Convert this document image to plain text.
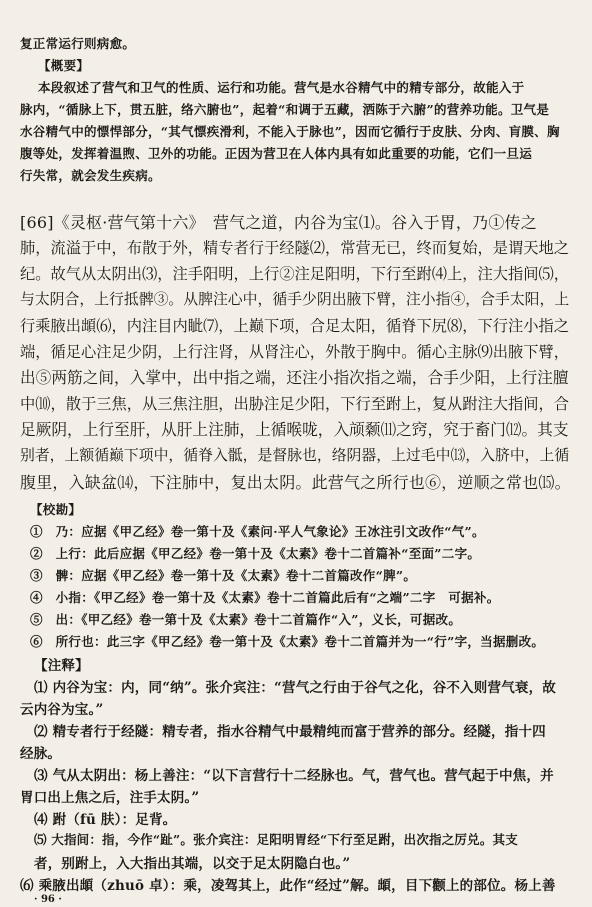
复正常运行则病愈。
【概要】
本段叙述了营气和卫气的性质、运行和功能。营气是水谷精气中的精专部分，故能入于
脉内，“循脉上下，贯五脏，络六腑也”，起着“和调于五藏，洒陈于六腑”的营养功能。卫气是
水谷精气中的慓悍部分，“其气慓疾滑利，不能入于脉也”，因而它循行于皮肤、分肉、肓膜、胸
腹等处，发挥着温煦、卫外的功能。正因为营卫在人体内具有如此重要的功能，它们一旦运
行失常，就会发生疾病。
[66]《灵枢·营气第十六》　营气之道，内谷为宝⑴。谷入于胃，乃①传之
肺，流溢于中，布散于外，精专者行于经隧⑵，常营无已，终而复始，是谓天地之
纪。故气从太阴出⑶，注手阳明，上行②注足阳明，下行至跗⑷上，注大指间⑸，
与太阴合，上行抵髀③。从脾注心中，循手少阴出腋下臂，注小指④，合手太阳，上
行乘腋出䪼⑹，内注目内眦⑺，上巅下项，合足太阳，循脊下尻⑻，下行注小指之
端，循足心注足少阴，上行注肾，从肾注心，外散于胸中。循心主脉⑼出腋下臂，
出⑤两筋之间，入掌中，出中指之端，还注小指次指之端，合手少阳，上行注膻
中⑽，散于三焦，从三焦注胆，出胁注足少阳，下行至跗上，复从跗注大指间，合
足厥阴，上行至肝，从肝上注肺，上循喉咙，入颃颡⑾之窍，究于畜门⑿。其支
别者，上额循巅下项中，循脊入骶，是督脉也，络阴器，上过毛中⒀，入脐中，上循
腹里，入缺盆⒁，下注肺中，复出太阴。此营气之所行也⑥，逆顺之常也⒂。
【校勘】
①　乃：应据《甲乙经》卷一第十及《素问·平人气象论》王冰注引文改作“气”。
②　上行：此后应据《甲乙经》卷一第十及《太素》卷十二首篇补“至面”二字。
③　髀：应据《甲乙经》卷一第十及《太素》卷十二首篇改作“脾”。
④　小指：《甲乙经》卷一第十及《太素》卷十二首篇此后有“之端”二字　可据补。
⑤　出：《甲乙经》卷一第十及《太素》卷十二首篇作“入”，义长，可据改。
⑥　所行也：此三字《甲乙经》卷一第十及《太素》卷十二首篇并为一“行”字，当据删改。
【注释】
⑴ 内谷为宝：内，同“纳”。张介宾注：“营气之行由于谷气之化，谷不入则营气衰，故
云内谷为宝。”
⑵ 精专者行于经隧：精专者，指水谷精气中最精纯而富于营养的部分。经隧，指十四
经脉。
⑶ 气从太阴出：杨上善注：“以下言营行十二经脉也。气，营气也。营气起于中焦，并
胃口出上焦之后，注手太阴。”
⑷ 跗（fū 肤）：足背。
⑸ 大指间：指，今作“趾”。张介宾注：足阳明胃经“下行至足跗，出次指之厉兑。其支
· 96 ·
者，别跗上，入大指出其端，以交于足太阴隐白也。”
⑹ 乘腋出䪼（zhuō 卓）：乘，凌驾其上，此作“经过”解。䪼，目下颧上的部位。杨上善
